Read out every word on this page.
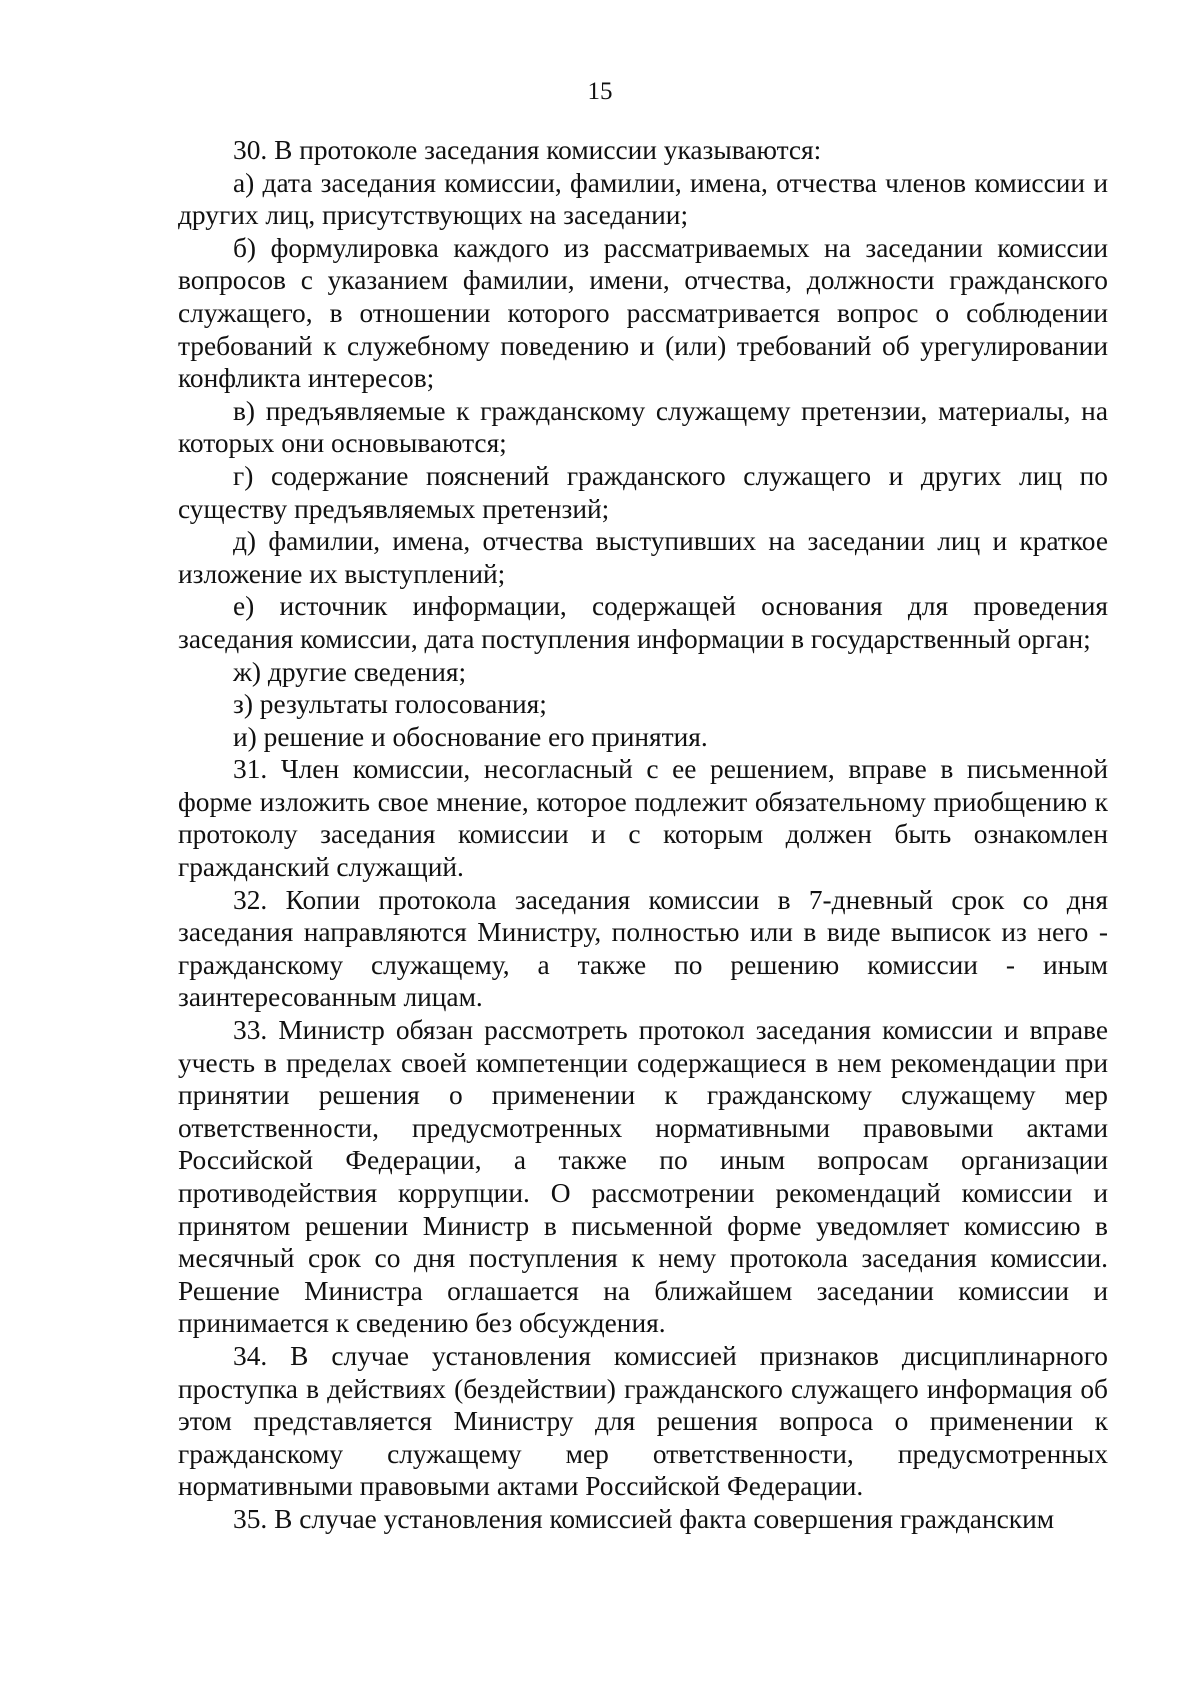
15

30. В протоколе заседания комиссии указываются:

а) дата заседания комиссии, фамилии, имена, отчества членов комиссии и других лиц, присутствующих на заседании;

б) формулировка каждого из рассматриваемых на заседании комиссии вопросов с указанием фамилии, имени, отчества, должности гражданского служащего, в отношении которого рассматривается вопрос о соблюдении требований к служебному поведению и (или) требований об урегулировании конфликта интересов;

в) предъявляемые к гражданскому служащему претензии, материалы, на которых они основываются;

г) содержание пояснений гражданского служащего и других лиц по существу предъявляемых претензий;

д) фамилии, имена, отчества выступивших на заседании лиц и краткое изложение их выступлений;

е) источник информации, содержащей основания для проведения заседания комиссии, дата поступления информации в государственный орган;

ж) другие сведения;

з) результаты голосования;

и) решение и обоснование его принятия.

31. Член комиссии, несогласный с ее решением, вправе в письменной форме изложить свое мнение, которое подлежит обязательному приобщению к протоколу заседания комиссии и с которым должен быть ознакомлен гражданский служащий.

32. Копии протокола заседания комиссии в 7-дневный срок со дня заседания направляются Министру, полностью или в виде выписок из него - гражданскому служащему, а также по решению комиссии - иным заинтересованным лицам.

33. Министр обязан рассмотреть протокол заседания комиссии и вправе учесть в пределах своей компетенции содержащиеся в нем рекомендации при принятии решения о применении к гражданскому служащему мер ответственности, предусмотренных нормативными правовыми актами Российской Федерации, а также по иным вопросам организации противодействия коррупции. О рассмотрении рекомендаций комиссии и принятом решении Министр в письменной форме уведомляет комиссию в месячный срок со дня поступления к нему протокола заседания комиссии. Решение Министра оглашается на ближайшем заседании комиссии и принимается к сведению без обсуждения.

34. В случае установления комиссией признаков дисциплинарного проступка в действиях (бездействии) гражданского служащего информация об этом представляется Министру для решения вопроса о применении к гражданскому служащему мер ответственности, предусмотренных нормативными правовыми актами Российской Федерации.

35. В случае установления комиссией факта совершения гражданским
